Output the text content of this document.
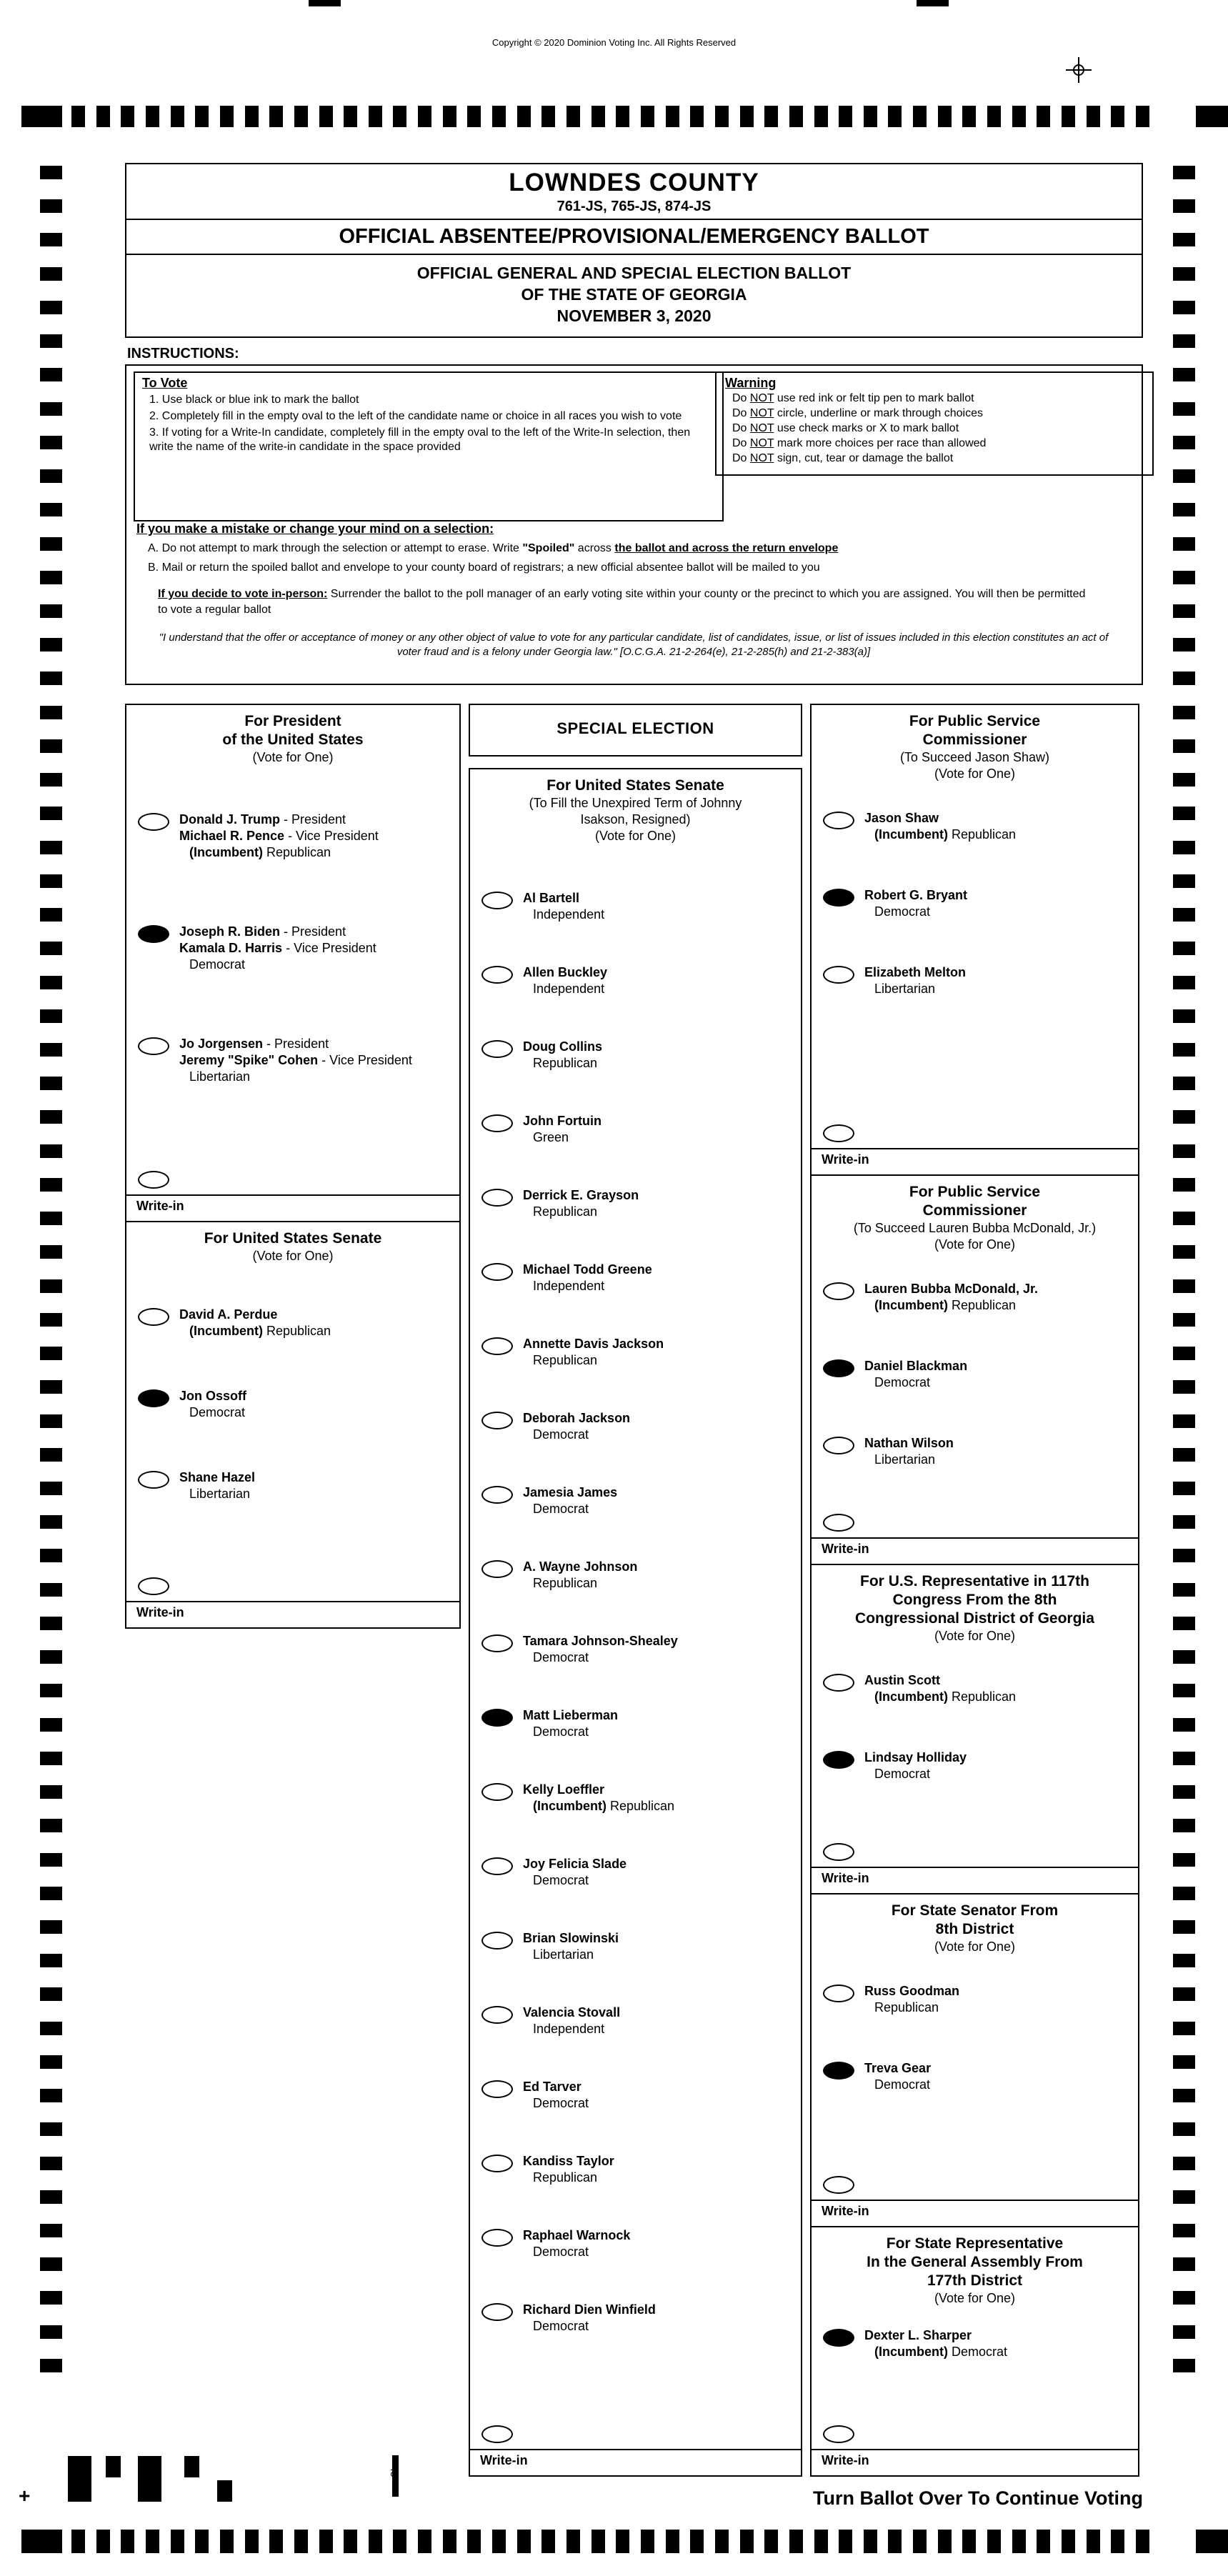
Copyright © 2020 Dominion Voting Inc. All Rights Reserved
LOWNDES COUNTY
761-JS, 765-JS, 874-JS
OFFICIAL ABSENTEE/PROVISIONAL/EMERGENCY BALLOT
OFFICIAL GENERAL AND SPECIAL ELECTION BALLOT
OF THE STATE OF GEORGIA
NOVEMBER 3, 2020
INSTRUCTIONS:
To Vote
1. Use black or blue ink to mark the ballot
2. Completely fill in the empty oval to the left of the candidate name or choice in all races you wish to vote
3. If voting for a Write-In candidate, completely fill in the empty oval to the left of the Write-In selection, then write the name of the write-in candidate in the space provided
Warning
Do NOT use red ink or felt tip pen to mark ballot
Do NOT circle, underline or mark through choices
Do NOT use check marks or X to mark ballot
Do NOT mark more choices per race than allowed
Do NOT sign, cut, tear or damage the ballot
If you make a mistake or change your mind on a selection:
A. Do not attempt to mark through the selection or attempt to erase. Write "Spoiled" across the ballot and across the return envelope
B. Mail or return the spoiled ballot and envelope to your county board of registrars; a new official absentee ballot will be mailed to you
If you decide to vote in-person: Surrender the ballot to the poll manager of an early voting site within your county or the precinct to which you are assigned. You will then be permitted to vote a regular ballot
"I understand that the offer or acceptance of money or any other object of value to vote for any particular candidate, list of candidates, issue, or list of issues included in this election constitutes an act of voter fraud and is a felony under Georgia law." [O.C.G.A. 21-2-264(e), 21-2-285(h) and 21-2-383(a)]
For President
of the United States
(Vote for One)
Donald J. Trump - President
Michael R. Pence - Vice President
(Incumbent) Republican
Joseph R. Biden - President
Kamala D. Harris - Vice President
Democrat
Jo Jorgensen - President
Jeremy "Spike" Cohen - Vice President
Libertarian
Write-in
For United States Senate
(Vote for One)
David A. Perdue
(Incumbent) Republican
Jon Ossoff
Democrat
Shane Hazel
Libertarian
Write-in
SPECIAL ELECTION
For United States Senate
(To Fill the Unexpired Term of Johnny
Isakson, Resigned)
(Vote for One)
Al Bartell
Independent
Allen Buckley
Independent
Doug Collins
Republican
John Fortuin
Green
Derrick E. Grayson
Republican
Michael Todd Greene
Independent
Annette Davis Jackson
Republican
Deborah Jackson
Democrat
Jamesia James
Democrat
A. Wayne Johnson
Republican
Tamara Johnson-Shealey
Democrat
Matt Lieberman
Democrat
Kelly Loeffler
(Incumbent) Republican
Joy Felicia Slade
Democrat
Brian Slowinski
Libertarian
Valencia Stovall
Independent
Ed Tarver
Democrat
Kandiss Taylor
Republican
Raphael Warnock
Democrat
Richard Dien Winfield
Democrat
Write-in
For Public Service
Commissioner
(To Succeed Jason Shaw)
(Vote for One)
Jason Shaw
(Incumbent) Republican
Robert G. Bryant
Democrat
Elizabeth Melton
Libertarian
Write-in
For Public Service
Commissioner
(To Succeed Lauren Bubba McDonald, Jr.)
(Vote for One)
Lauren Bubba McDonald, Jr.
(Incumbent) Republican
Daniel Blackman
Democrat
Nathan Wilson
Libertarian
Write-in
For U.S. Representative in 117th
Congress From the 8th
Congressional District of Georgia
(Vote for One)
Austin Scott
(Incumbent) Republican
Lindsay Holliday
Democrat
Write-in
For State Senator From
8th District
(Vote for One)
Russ Goodman
Republican
Treva Gear
Democrat
Write-in
For State Representative
In the General Assembly From
177th District
(Vote for One)
Dexter L. Sharper
(Incumbent) Democrat
Write-in
Turn Ballot Over To Continue Voting
45
+
